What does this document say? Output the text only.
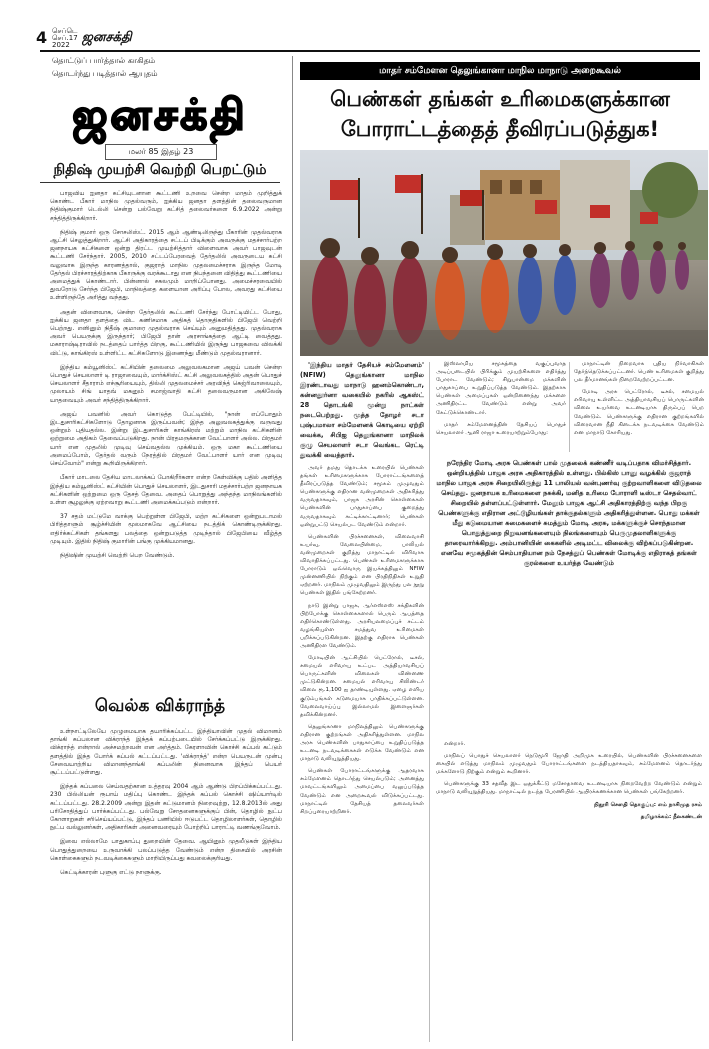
4 செப்டெ
செப்.17
2022 ஜனசக்தி
தொட்டுப் பார்த்தால் காகிதம்
தொடர்ந்து படித்தால் ஆயுதம்
ஜனசக்தி
மலர் 85 இதழ் 23
நிதிஷ் முயற்சி வெற்றி பெறட்டும்

பாஜவிய ஐனதா கட்சியுடனான கூட்டணி உறவை சென்ற மாதம் முறித்துக் கொண்ட பீகார் மாநில முதல்வரும், ஐக்கிய ஜனதா தளத்தின் தலைவருமான நிதிஷ்குமார் டெல்லி சென்று பல்வேறு கட்சித் தலைவர்களை 6.9.2022 அன்று சந்தித்திருக்கிறார்.

நிதிஷ் குமார் ஒரு சோசலிஸ்ட். 2015 ஆம் ஆண்டிலிருந்து பீகாரின் முதல்வராக ஆட்சி செலுத்துகிறார். ஆட்சி அதிகாரத்தை சட்டப் பிடிக்கும் அவருக்கு மதச்சார்பற்ற ஜனநாயக கட்சிகளை ஒன்று திரட்ட முயற்சித்தார் விளைவாக அவர் பாஜவுடன் கூட்டணி சேர்ந்தார். 2005, 2010 சட்டப்பேரவைத் தேர்தலில் அவருடைய கட்சி வலுவாக இருந்த காரணத்தால், குஜராத் மாநில முதலமைச்சராக இருந்த மோடி தேர்தல் பிரச்சாரத்திற்காக பீகாருக்கு வரக்கூடாது என நிபந்தனை விதித்து கூட்டணியை அமைத்துக் கொண்டார். பின்னால் சகலமும் மாறிப்போனது. அமைச்சரவையில் துவரோடு சேர்ந்த பிஜேபி, மாநிலத்தை களையான அரிப்பு போல, அவரது கட்சியை உள்ளிருந்தே அரித்து வந்தது.

அதன் விளைவாக, சென்ற தேர்தலில் கூட்டணி சேர்ந்து போட்டியிட்ட போது, ஐக்கிய ஜனதா தளத்தை விட கணிசமாக அதிகத் தொகுதிகளில் பிஜேபி வெற்றி பெற்றது. எனினும் நிதீஷ் குமாரை முதல்வராக செய்யும் அனுமதித்தது. முதல்வராக அவர் பெயருக்கு இருந்தார்; பிஜேபி தான் அரசாங்கத்தை ஆட்டி வைத்தது. மகாராஷ்டிராவில் நடத்தைப் பார்த்த பிறகு, கூட்டணியில் இருந்து பாஜகவை விலக்கி விட்டு, காங்கிரஸ் உள்ளிட்ட கட்சிகளோடு இணைந்து மீண்டும் முதல்வரானார்.

இந்திய கம்யூனிஸ்ட் கட்சியின் தலைமை அலுவலகமான அஜய் பவன் சென்ற பொதுச் செயலாளர் டி ராஜாவையும், மார்க்சிஸ்ட் கட்சி அலுவலகத்தில் அதன் பொதுச் செயலாளர் சீதாராம் எச்சூரியையும், தில்லி முதலமைச்சர் அரவிந்த் கெஜ்ரிவாலையும், முலாயம் சிங் யாதவ் மகனும் சமாஜ்வாதி கட்சி தலைவருமான அகிலேஷ் யாதவையும் அவர் சந்தித்திருக்கிறார்.

அஜய் பவனில் அவர் கொடுத்த பேட்டியில், "நான் எப்போதும் இடதுசாரிகட்சிகளோடு தோழனாக இருப்பவன்; இந்த அலுவலகத்துக்கு வருவது ஒன்றும் புதியதல்ல. இன்று இடதுசாரிகள் காங்கிரஸ் மற்றும் மாநில கட்சிகளின் ஒற்றுமை அதிகம் தேவைப்படுகிறது. நான் பிரதமருக்கான வேட்பாளர் அல்ல. பிரதமர் யார் என முதலில் முடிவு செய்வதல்ல முக்கியம். ஒரு மகா கூட்டணியை அமைப்போம், தேர்தல் வரும் நேரத்தில் பிரதமர் வேட்பாளர் யார் என முடிவு செய்வோம்" என்று கூறியிருக்கிறார்.

பீகார் மாடலை தேசிய மாடலாக்கப் போகிறீர்களா என்ற கேள்விக்கு பதில் அளித்த இந்திய கம்யூனிஸ்ட் கட்சியின் பொதுச் செயலாளர், இடதுசாரி மதச்சார்பற்ற ஜனநாயக கட்சிகளின் ஒற்றுமை ஒரு தேசத் தேவை. அதைப் பொறுத்து அந்தந்த மாநிலங்களில் உள்ள சூழலுக்கு ஏற்றவாறு கூட்டணி அமைக்கப்படும் என்றார்.

37 சதம் மட்டுமே வாக்கு பெற்றுள்ள பிஜேபி, மற்ற கட்சிகளை ஒன்றுபடாமல் பிரித்தாளும் சூழ்ச்சியின் மூலமாகவே ஆட்சியை நடத்திக் கொண்டிருக்கிறது. எதிர்க்கட்சிகள் தங்களது பலத்தை ஒன்றுபடுத்த முடிந்தால் பிஜேபியை வீழ்த்த முடியும். இதில் நிதிஷ் குமாரின் பங்கு முக்கியமானது.

நிதிஷின் முயற்சி வெற்றி பெற வேண்டும்.

வெல்க விக்ராந்த்

உள்நாட்டிலேயே முழுமையாக தயாரிக்கப்பட்ட இந்தியாவின் முதல் விமானம் தாங்கி கப்பலான விக்ராந்த் இந்தக் கப்பற்படையில் சேர்க்கப்பட்டு இருக்கிறது. விக்ராந்த் என்றால் அச்சமற்றவன் என அர்த்தம். கேரளாவின் கொச்சி கப்பல் கட்டும் தளத்தில் இந்த போர்க் கப்பல் கட்டப்பட்டது. 'விக்ராந்த்' என்ற பெயருடன் முன்பு சேவையாற்றிய விமானந்தாங்கி கப்பலின் நினைவாக இந்தப் பெயர் சூட்டப்பட்டுள்ளது.

இந்தக் கப்பலை செய்வதற்கான உத்தரவு 2004 ஆம் ஆண்டு பிறப்பிக்கப்பட்டது. 230 பில்லியன் ரூபாய் மதிப்பு கொண்ட இந்தக் கப்பல் கொச்சி ஷிப்யார்டில் கட்டப்பட்டது. 28.2.2009 அன்று இதன் கட்டுமானம் நிறைவுற்று, 12.8.2013ல் அது பரிசோதித்துப் பார்க்கப்பட்டது. பல்வேறு சோதனைகளுக்குப் பின், தொழில் நுட்ப கோளாறுகள் சரிசெய்யப்பட்டு, இந்தப் பணியில் ஈடுபட்ட தொழிலாளர்கள், தொழில் நுட்ப வல்லுனர்கள், அதிகாரிகள் அனைவரையும் போற்றிப் பாராட்டி வணங்குவோம்.

இவை எல்லாமே பாதுகாப்பு துறையின் தேவை. ஆயினும் முதலீடுகள் இந்திய பொதுத்துறையை உருவாக்கி பலப்படுத்த வேண்டும் என்ற திசையில் அரசின் கொள்கைகளும் நடவடிக்கைகளும் மாறியிருப்பது கவலைக்குரியது.

கெட்டிக்காரன் புளுகு எட்டு நாளுக்கு.

மாதர் சம்மேளன தெலுங்கானா மாநில மாநாடு அறைகூவல்
பெண்கள் தங்கள் உரிமைகளுக்கான
போராட்டத்தைத் தீவிரப்படுத்துக!

'இந்திய மாதர் தேசியச் சம்மேளனம்' (NFIW) தெலுங்கானா மாநில இரண்டாவது மாநாடு ஹனம்கொண்டா, கன்னதூர்னா வகையில் நகரில் ஆகஸ்ட் 28 தொடங்கி மூன்று நாட்கள் நடைபெற்றது. மூத்த தோழர் சடா புஷ்பமாலா சம்மேளனக் கொடியை ஏற்றி வைக்க, சிபிஐ தெலுங்கானா மாநிலக் குழு செயலாளர் சடா வெங்கட ரெட்டி துவக்கி வைத்தார்.

அவர் தமது தொடக்க உரையில் பெண்கள் தங்கள் உரிமைகளுக்காக போராட்டங்களைத் தீவிரப்படுத்த வேண்டும்; சமூகம் முழுவதும் பெண்களுக்கு எதிரான வன்முறைகள் அதிகரித்து வருவதாகவும், பாஜக அரசின் கொள்கைகள் பெண்களின் பாதுகாப்பை குறைத்து வருவதாகவும் சுட்டிக்காட்டினார்; பெண்கள் ஒன்றுபட்டு செயல்பட வேண்டும் என்றார்.

பெண்களின் பிரச்சனைகள், விலைவாசி உயர்வு, வேலையின்மை, பாலியல் வன்முறைகள் குறித்து மாநாட்டில் விரிவாக விவாதிக்கப்பட்டது. பெண்கள் உரிமைகளுக்காக போராடும் ஒவ்வொரு இயக்கத்திலும் NFIW முன்னணியில் நிற்கும் என பிரதிநிதிகள் உறுதி ஏற்றனர். மாநிலம் முழுவதிலும் இருந்து பல நூறு பெண்கள் இதில் பங்கேற்றனர்.

நாடு இன்று பாஜக, ஆர்எஸ்எஸ் சக்திகளின் பிற்போக்கு கொள்கைகளால் பெரும் ஆபத்தை எதிர்கொண்டுள்ளது. அரசியலமைப்புச் சட்டம் வழங்கியுள்ள சமத்துவ உரிமைகள் பறிக்கப்படுகின்றன. இதற்கு எதிராக பெண்கள் அணிதிரள வேண்டும்.

மோடியின் ஆட்சியில் பெட்ரோல், டீசல், சமையல் எரிவாயு உட்பட அத்தியாவசியப் பொருட்களின் விலைகள் விண்ணை முட்டுகின்றன. சமையல் எரிவாயு சிலிண்டர் விலை ரூ.1,100 ஐ தாண்டியுள்ளது. ஏழை எளிய குடும்பங்கள் கடுமையாக பாதிக்கப்பட்டுள்ளன. வேலைவாய்ப்பு இல்லாமல் இளைஞர்கள் தவிக்கின்றனர்.

தெலுங்கானா மாநிலத்திலும் பெண்களுக்கு எதிரான குற்றங்கள் அதிகரித்துள்ளன. மாநில அரசு பெண்களின் பாதுகாப்பை உறுதிப்படுத்த உடனடி நடவடிக்கைகள் எடுக்க வேண்டும் என மாநாடு வலியுறுத்தியது.

பெண்கள் போராட்டங்களுக்கு ஆதரவாக சம்மேளனம் தொடர்ந்து செயல்படும்; அனைத்து மாவட்டங்களிலும் அமைப்பை வலுப்படுத்த வேண்டும் என அறைகூவல் விடுக்கப்பட்டது. மாநாட்டில் தேசியத் தலைவர்கள் சிறப்புரையாற்றினர்.

இஸ்லாமிய சமூகத்தை வகுப்புவாத அடிப்படையில் பிரிக்கும் முயற்சிகளை எதிர்த்து போராட வேண்டும்; சிறுபான்மை மக்களின் பாதுகாப்பை உறுதிப்படுத்த வேண்டும். இதற்காக பெண்கள் அமைப்புகள் ஒன்றிணைந்து மக்களை அணிதிரட்ட வேண்டும் என்று அவர் கேட்டுக்கொண்டார்.

மாதர் சம்மேளனத்தின் தேசியப் பொதுச் செயலாளர் ஆனி ராஜா உரையாற்றும்போது:

மாநாட்டின் நிறைவாக புதிய நிர்வாகிகள் தேர்ந்தெடுக்கப்பட்டனர். பெண் உரிமைகள் குறித்து பல தீர்மானங்கள் நிறைவேற்றப்பட்டன.

மோடி அரசு பெட்ரோல், டீசல், சமையல் எரிவாயு உள்ளிட்ட அத்தியாவசியப் பொருட்களின் விலை உயர்வை உடனடியாக திரும்பப் பெற வேண்டும். பெண்களுக்கு எதிரான குற்றங்களில் விரைவான நீதி கிடைக்க நடவடிக்கை வேண்டும் என மாநாடு கோரியது.

நரேந்திர மோடி அரசு பெண்கள் பால் முதலைக் கண்ணீர் வடிப்பதாக விமர்சித்தார். ஒன்றியத்தில் பாஜக அரசு அதிகாரத்தில் உள்ளது. பில்கிஸ் பானு வழக்கில் குஜராத் மாநில பாஜக அரசு சிறையிலிருந்து 11 பாலியல் வன்புணர்வு குற்றவாளிகளை விடுதலை செய்தது. ஜனநாயக உரிமைகளை நசுக்கி, மனித உரிமை போராளி டீஸ்டா செதல்வாட் சிறையில் தள்ளப்பட்டுள்ளார். மேலும் பாஜக ஆட்சி அதிகாரத்திற்கு வந்த பிறகு பெண்களுக்கு எதிரான அட்டூழியங்கள் தாக்குதல்களும் அதிகரித்துள்ளன. பொது மக்கள் மீது கடுமையான சுமைகளைச் சுமத்தும் மோடி அரசு, மக்களுக்குச் சொந்தமான பொதுத்துறை நிறுவனங்களையும் நிலங்களையும் பெருமுதலாளிகளுக்கு தாரைவார்க்கிறது. அம்பானியின் கைகளில் அடிமட்ட விலைக்கு விற்கப்படுகின்றன. எனவே சமூகத்தின் செம்பாதியான நம் நேசத்துப் பெண்கள் மோடிக்கு எதிராகத் தங்கள் குரல்களை உயர்த்த வேண்டும்

என்றார்.

மாநிலப் பொதுச் செயலாளர் நெடுமூரி ஜோதி அறிமுக உரையில், பெண்களின் பிரச்சனைகளை கையில் எடுத்து மாநிலம் முழுவதும் போராட்டங்களை நடத்தியதாகவும், சம்மேளனம் தொடர்ந்து மக்களோடு நிற்கும் என்றும் கூறினார்.

பெண்களுக்கு 33 சதவீத இட ஒதுக்கீட்டு மசோதாவை உடனடியாக நிறைவேற்ற வேண்டும் என்றும் மாநாடு வலியுறுத்தியது. மாநாட்டில் நடந்த பேரணியில் ஆயிரக்கணக்கான பெண்கள் பங்கேற்றனர்.

நிதூரி சௌதி தொகுப்பு: எம் நாசிமுத ரசம்

தமிழாக்கம்: நீலகண்டன்
